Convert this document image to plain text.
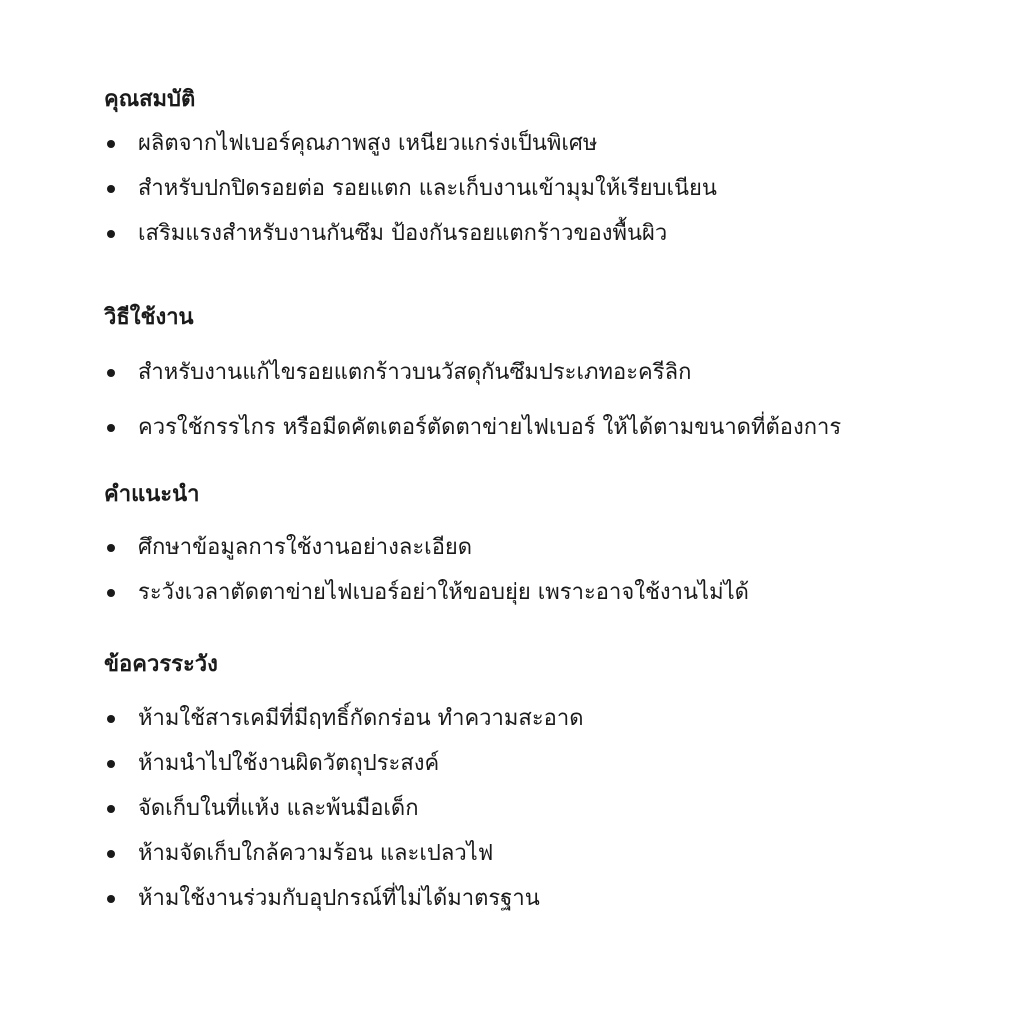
คุณสมบัติ
ผลิตจากไฟเบอร์คุณภาพสูง เหนียวแกร่งเป็นพิเศษ
สำหรับปกปิดรอยต่อ รอยแตก และเก็บงานเข้ามุมให้เรียบเนียน
เสริมแรงสำหรับงานกันซึม ป้องกันรอยแตกร้าวของพื้นผิว
วิธีใช้งาน
สำหรับงานแก้ไขรอยแตกร้าวบนวัสดุกันซึมประเภทอะครีลิก
ควรใช้กรรไกร หรือมีดคัตเตอร์ตัดตาข่ายไฟเบอร์ ให้ได้ตามขนาดที่ต้องการ
คำแนะนำ
ศึกษาข้อมูลการใช้งานอย่างละเอียด
ระวังเวลาตัดตาข่ายไฟเบอร์อย่าให้ขอบยุ่ย เพราะอาจใช้งานไม่ได้
ข้อควรระวัง
ห้ามใช้สารเคมีที่มีฤทธิ์กัดกร่อน ทำความสะอาด
ห้ามนำไปใช้งานผิดวัตถุประสงค์
จัดเก็บในที่แห้ง และพ้นมือเด็ก
ห้ามจัดเก็บใกล้ความร้อน และเปลวไฟ
ห้ามใช้งานร่วมกับอุปกรณ์ที่ไม่ได้มาตรฐาน
